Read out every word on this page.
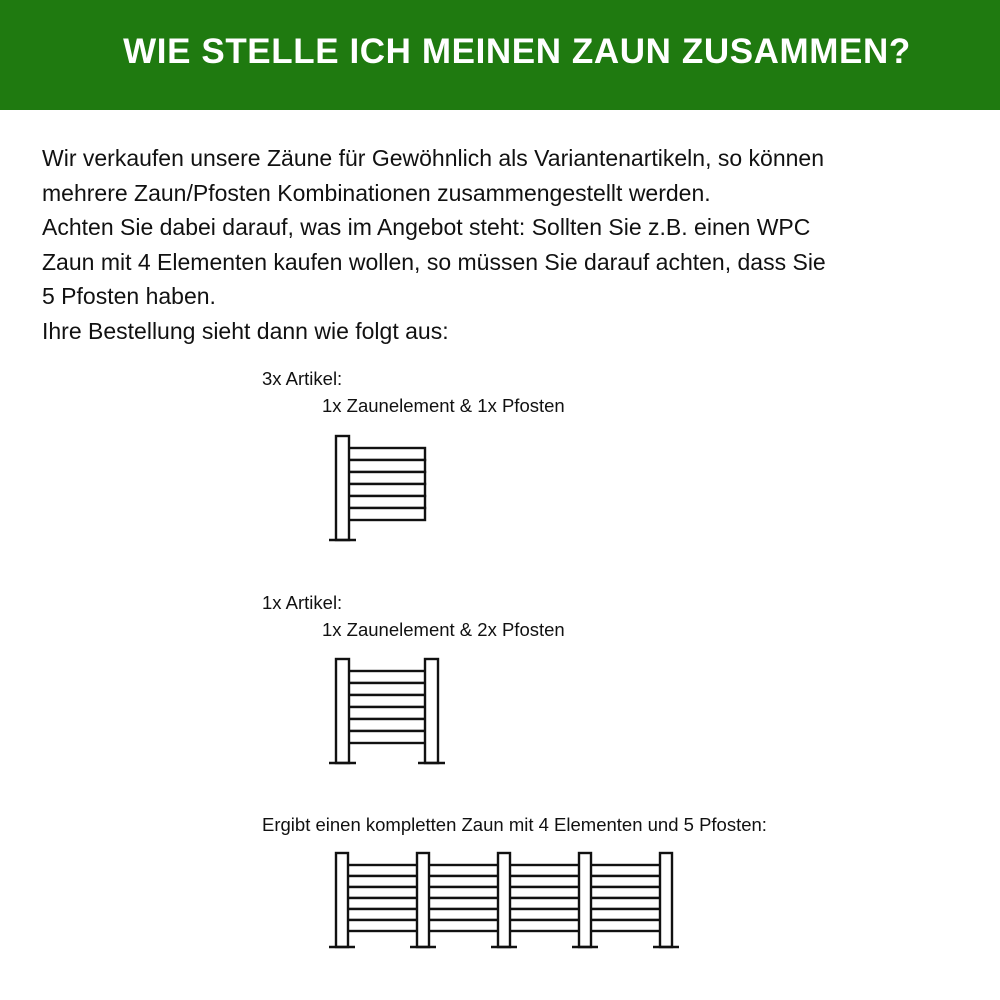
WIE STELLE ICH MEINEN ZAUN ZUSAMMEN?
Wir verkaufen unsere Zäune für Gewöhnlich als Variantenartikeln, so können
mehrere Zaun/Pfosten Kombinationen zusammengestellt werden.
Achten Sie dabei darauf, was im Angebot steht: Sollten Sie z.B. einen WPC
Zaun mit 4 Elementen kaufen wollen, so müssen Sie darauf achten, dass Sie
5 Pfosten haben.
Ihre Bestellung sieht dann wie folgt aus:
3x Artikel:
1x Zaunelement & 1x Pfosten
1x Artikel:
1x Zaunelement & 2x Pfosten
Ergibt einen kompletten Zaun mit 4 Elementen und 5 Pfosten:
